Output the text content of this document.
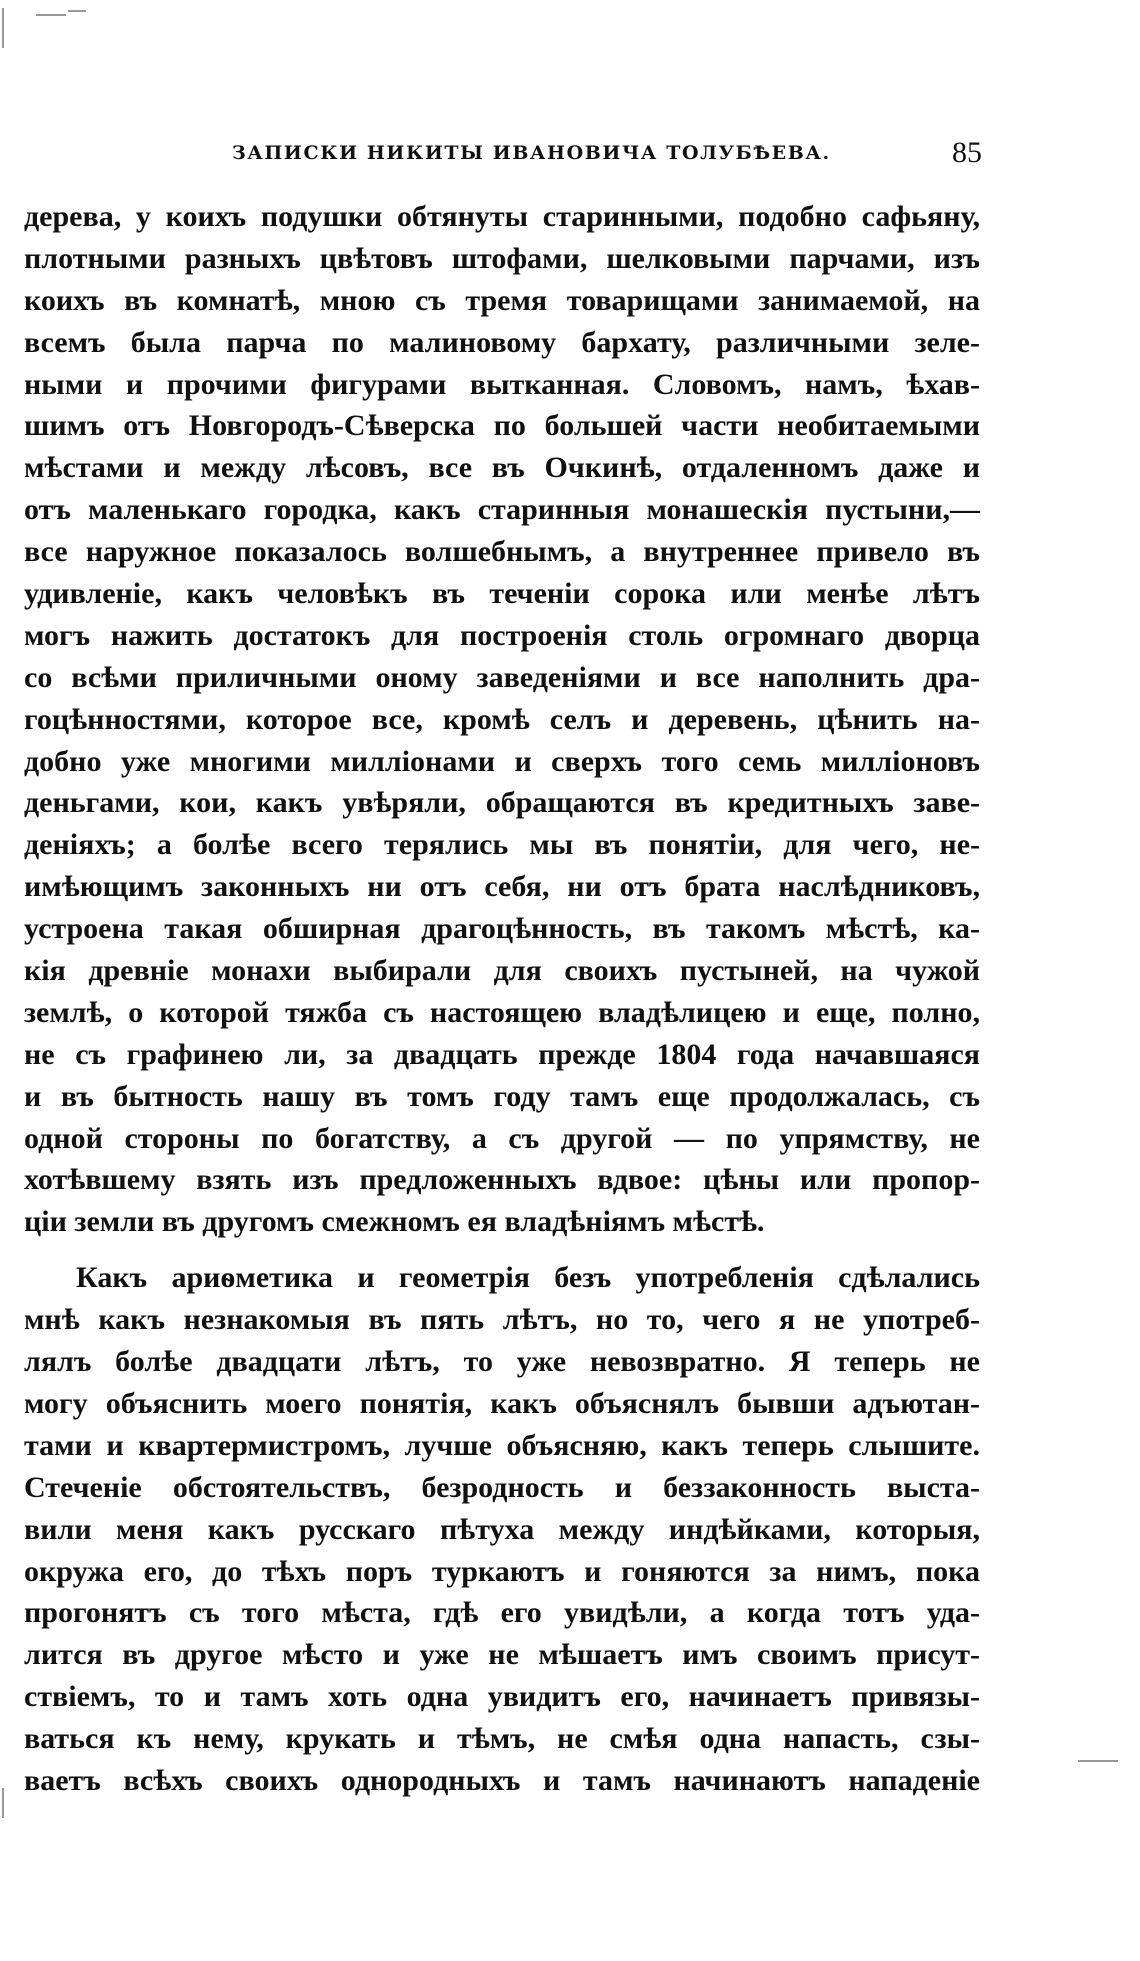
ЗАПИСКИ НИКИТЫ ИВАНОВИЧА ТОЛУБѢЕВА.	85
дерева, у коихъ подушки обтянуты старинными, подобно сафьяну,
плотными разныхъ цвѣтовъ штофами, шелковыми парчами, изъ
коихъ въ комнатѣ, мною съ тремя товарищами занимаемой, на
всемъ была парча по малиновому бархату, различными зеле-
ными и прочими фигурами вытканная. Словомъ, намъ, ѣхав-
шимъ отъ Новгородъ-Сѣверска по большей части необитаемыми
мѣстами и между лѣсовъ, все въ Очкинѣ, отдаленномъ даже и
отъ маленькаго городка, какъ старинныя монашескія пустыни,—
все наружное показалось волшебнымъ, а внутреннее привело въ
удивленіе, какъ человѣкъ въ теченіи сорока или менѣе лѣтъ
могъ нажить достатокъ для построенія столь огромнаго дворца
со всѣми приличными оному заведеніями и все наполнить дра-
гоцѣнностями, которое все, кромѣ селъ и деревень, цѣнить на-
добно уже многими милліонами и сверхъ того семь милліоновъ
деньгами, кои, какъ увѣряли, обращаются въ кредитныхъ заве-
деніяхъ; а болѣе всего терялись мы въ понятіи, для чего, не-
имѣющимъ законныхъ ни отъ себя, ни отъ брата наслѣдниковъ,
устроена такая обширная драгоцѣнность, въ такомъ мѣстѣ, ка-
кія древніе монахи выбирали для своихъ пустыней, на чужой
землѣ, о которой тяжба съ настоящею владѣлицею и еще, полно,
не съ графинею ли, за двадцать прежде 1804 года начавшаяся
и въ бытность нашу въ томъ году тамъ еще продолжалась, съ
одной стороны по богатству, а съ другой — по упрямству, не
хотѣвшему взять изъ предложенныхъ вдвое: цѣны или пропор-
ціи земли въ другомъ смежномъ ея владѣніямъ мѣстѣ.
Какъ ариѳметика и геометрія безъ употребленія сдѣлались
мнѣ какъ незнакомыя въ пять лѣтъ, но то, чего я не употреб-
лялъ болѣе двадцати лѣтъ, то уже невозвратно. Я теперь не
могу объяснить моего понятія, какъ объяснялъ бывши адъютан-
тами и квартермистромъ, лучше объясняю, какъ теперь слышите.
Стеченіе обстоятельствъ, безродность и беззаконность выста-
вили меня какъ русскаго пѣтуха между индѣйками, которыя,
окружа его, до тѣхъ поръ туркаютъ и гоняются за нимъ, пока
прогонятъ съ того мѣста, гдѣ его увидѣли, а когда тотъ уда-
лится въ другое мѣсто и уже не мѣшаетъ имъ своимъ присут-
ствіемъ, то и тамъ хоть одна увидитъ его, начинаетъ привязы-
ваться къ нему, крукать и тѣмъ, не смѣя одна напасть, сзы-
ваетъ всѣхъ своихъ однородныхъ и тамъ начинаютъ нападеніе
